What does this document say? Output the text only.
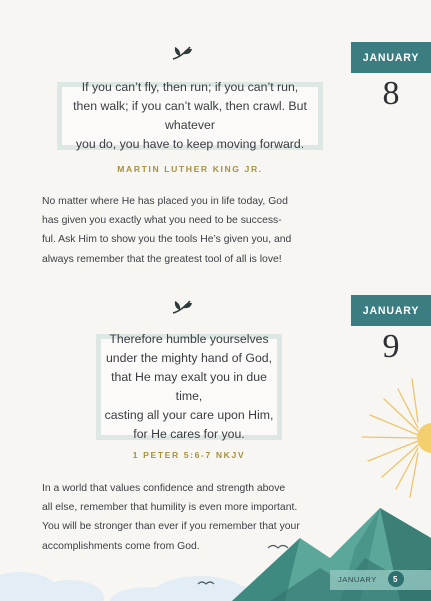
If you can’t fly, then run; if you can’t run,
then walk; if you can’t walk, then crawl. But whatever
you do, you have to keep moving forward.
MARTIN LUTHER KING JR.
No matter where He has placed you in life today, God
has given you exactly what you need to be success-
ful. Ask Him to show you the tools He’s given you, and
always remember that the greatest tool of all is love!
JANUARY
8
Therefore humble yourselves
under the mighty hand of God,
that He may exalt you in due time,
casting all your care upon Him,
for He cares for you.
1 PETER 5:6-7 NKJV
In a world that values confidence and strength above
all else, remember that humility is even more important.
You will be stronger than ever if you remember that your
accomplishments come from God.
JANUARY
9
JANUARY 5
